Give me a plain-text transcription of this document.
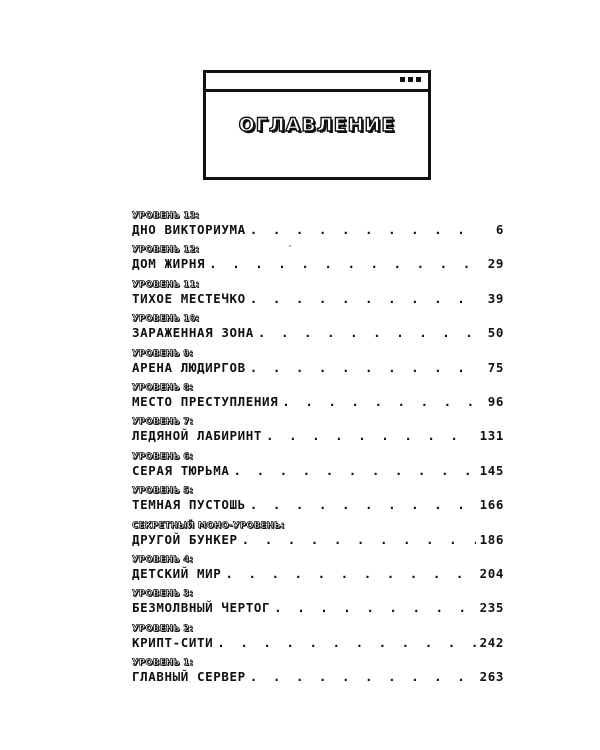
ОГЛАВЛЕНИЕ
УРОВЕНЬ 13:
ДНО ВИКТОРИУМА . . .	6
УРОВЕНЬ 12:
ДОМ ЖИРНЯ . . .	29
УРОВЕНЬ 11:
ТИХОЕ МЕСТЕЧКО . . .	39
УРОВЕНЬ 10:
ЗАРАЖЕННАЯ ЗОНА . . .	50
УРОВЕНЬ 9:
АРЕНА ЛЮДИРГОВ . . .	75
УРОВЕНЬ 8:
МЕСТО ПРЕСТУПЛЕНИЯ . . .	96
УРОВЕНЬ 7:
ЛЕДЯНОЙ ЛАБИРИНТ . . .	131
УРОВЕНЬ 6:
СЕРАЯ ТЮРЬМА . . .	145
УРОВЕНЬ 5:
ТЕМНАЯ ПУСТОШЬ . . .	166
СЕКРЕТНЫЙ МОНО-УРОВЕНЬ:
ДРУГОЙ БУНКЕР . . .	186
УРОВЕНЬ 4:
ДЕТСКИЙ МИР . . .	204
УРОВЕНЬ 3:
БЕЗМОЛВНЫЙ ЧЕРТОГ . . .	235
УРОВЕНЬ 2:
КРИПТ-СИТИ . . .	242
УРОВЕНЬ 1:
ГЛАВНЫЙ СЕРВЕР . . .	263
